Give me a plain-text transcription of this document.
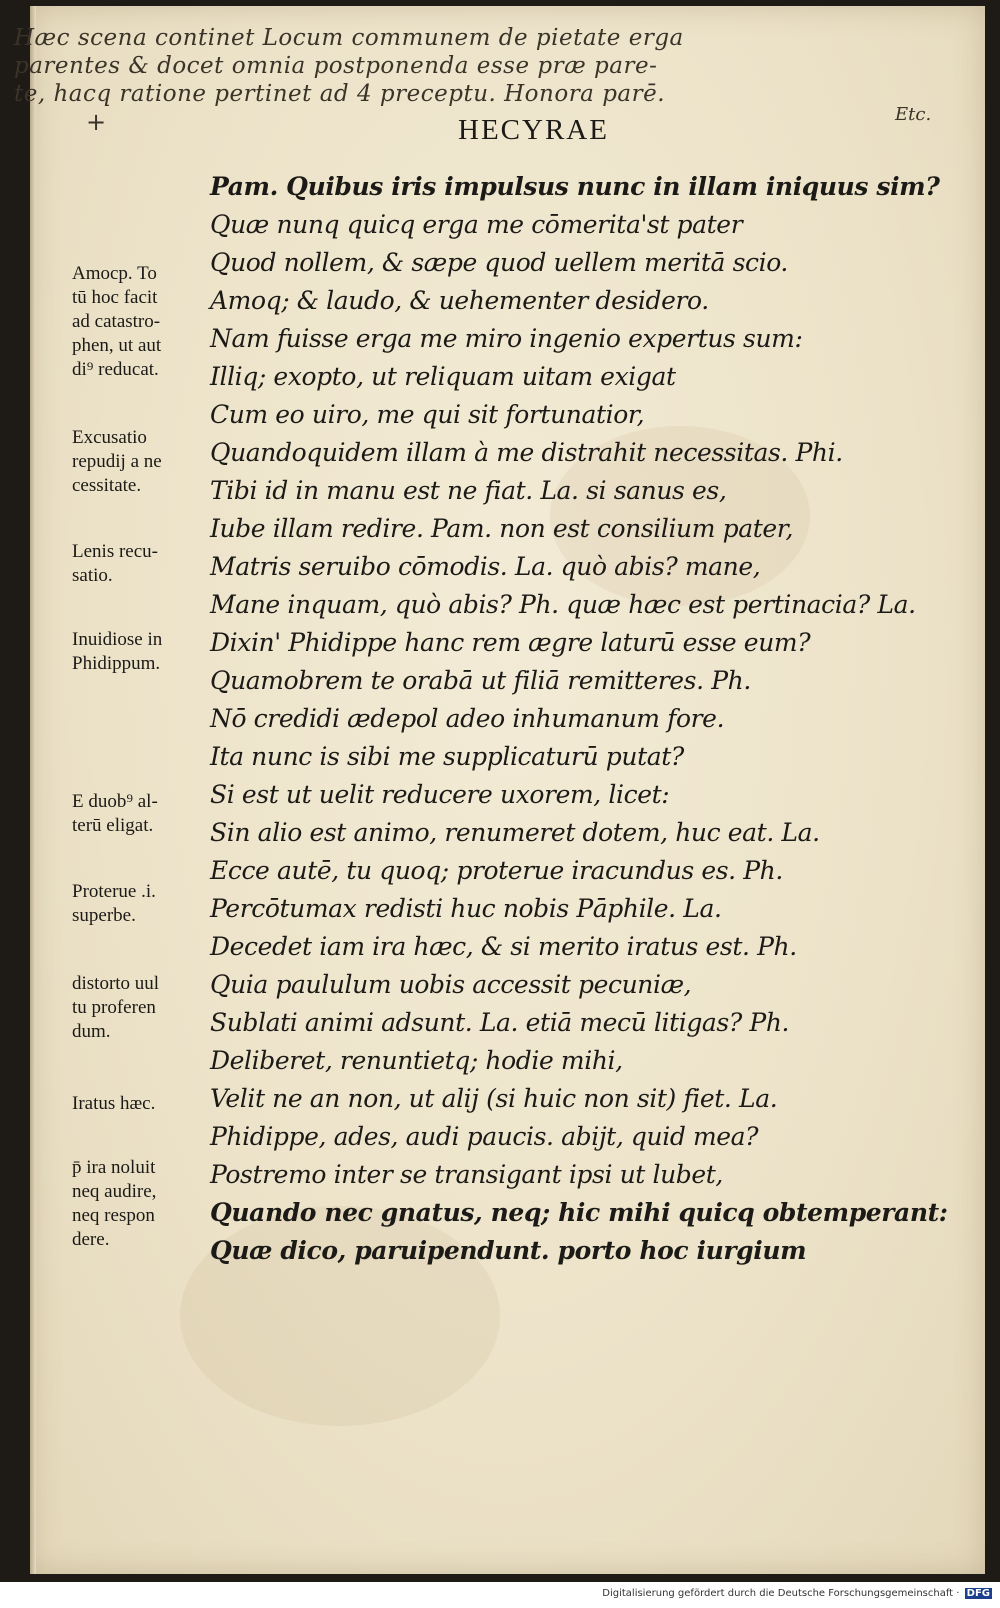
Hæc scena continet Locum communem de pietate erga
parentes & docet omnia postponenda esse præ pare-
te, hacq ratione pertinet ad 4 preceptu. Honora parē.
+	Etc.
HECYRAE
Pam. Quibus iris impulsus nunc in illam iniquus sim?
Quæ nunq quicq erga me cōmerita'st pater
Quod nollem, & sæpe quod uellem meritā scio.
Amoq; & laudo, & uehementer desidero.
Nam fuisse erga me miro ingenio expertus sum:
Illiq; exopto, ut reliquam uitam exigat
Cum eo uiro, me qui sit fortunatior,
Quandoquidem illam à me distrahit necessitas. Phi.
Tibi id in manu est ne fiat. La. si sanus es,
Iube illam redire. Pam. non est consilium pater,
Matris seruibo cōmodis. La. quò abis? mane,
Mane inquam, quò abis? Ph. quæ hæc est pertinacia? La.
Dixin' Phidippe hanc rem ægre laturū esse eum?
Quamobrem te orabā ut filiā remitteres. Ph.
Nō credidi ædepol adeo inhumanum fore.
Ita nunc is sibi me supplicaturū putat?
Si est ut uelit reducere uxorem, licet:
Sin alio est animo, renumeret dotem, huc eat. La.
Ecce autē, tu quoq; proterue iracundus es. Ph.
Percōtumax redisti huc nobis Pāphile. La.
Decedet iam ira hæc, & si merito iratus est. Ph.
Quia paululum uobis accessit pecuniæ,
Sublati animi adsunt. La. etiā mecū litigas? Ph.
Deliberet, renuntietq; hodie mihi,
Velit ne an non, ut alij (si huic non sit) fiet. La.
Phidippe, ades, audi paucis. abijt, quid mea?
Postremo inter se transigant ipsi ut lubet,
Quando nec gnatus, neq; hic mihi quicq obtemperant:
Quæ dico, paruipendunt. porto hoc iurgium
Amocp. To
tū hoc facit
ad catastro-
phen, ut aut
di⁹ reducat.
Excusatio
repudij a ne
cessitate.
Lenis recu-
satio.
Inuidiose in
Phidippum.
E duob⁹ al-
terū eligat.
Proterue .i.
superbe.
distorto uul
tu proferen
dum.
Iratus hæc.
p̄ ira noluit
neq audire,
neq respon
dere.
Digitalisierung gefördert durch die Deutsche Forschungsgemeinschaft · DFG
